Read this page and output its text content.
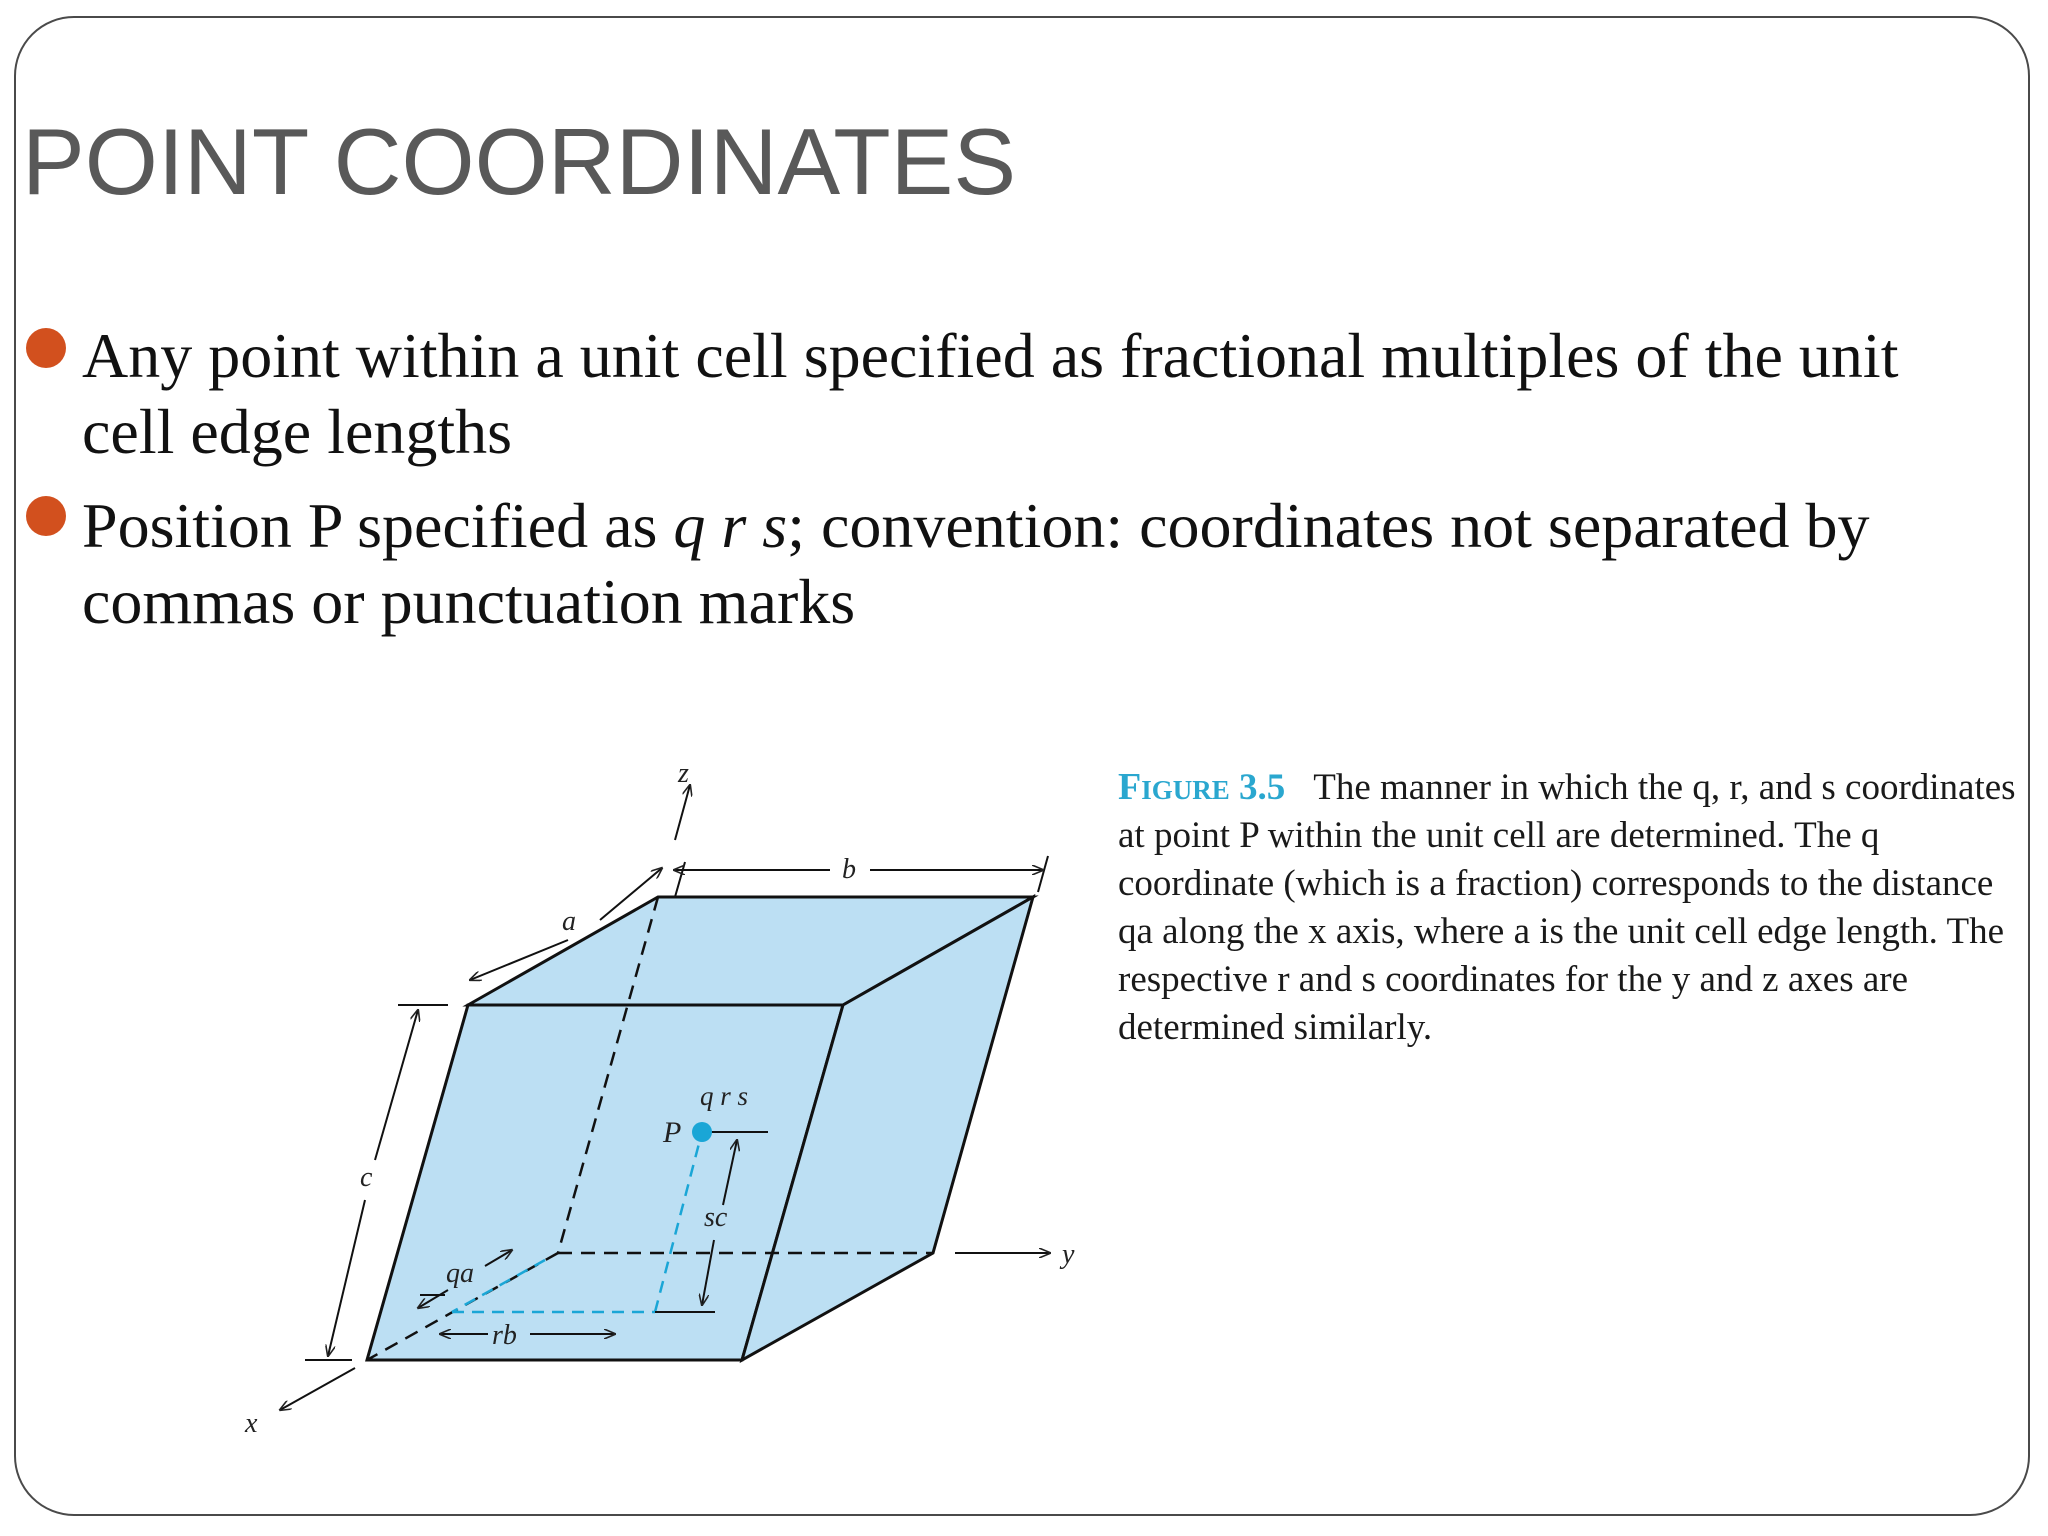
POINT COORDINATES
Any point within a unit cell specified as fractional multiples of the unit cell edge lengths
Position P specified as q r s; convention: coordinates not separated by commas or punctuation marks
x
y
z
b
a
c
qa
rb
sc
P
q r s
Figure 3.5 The manner in which the q, r, and s coordinates at point P within the unit cell are determined. The q coordinate (which is a fraction) corresponds to the distance qa along the x axis, where a is the unit cell edge length. The respective r and s coordinates for the y and z axes are determined similarly.
